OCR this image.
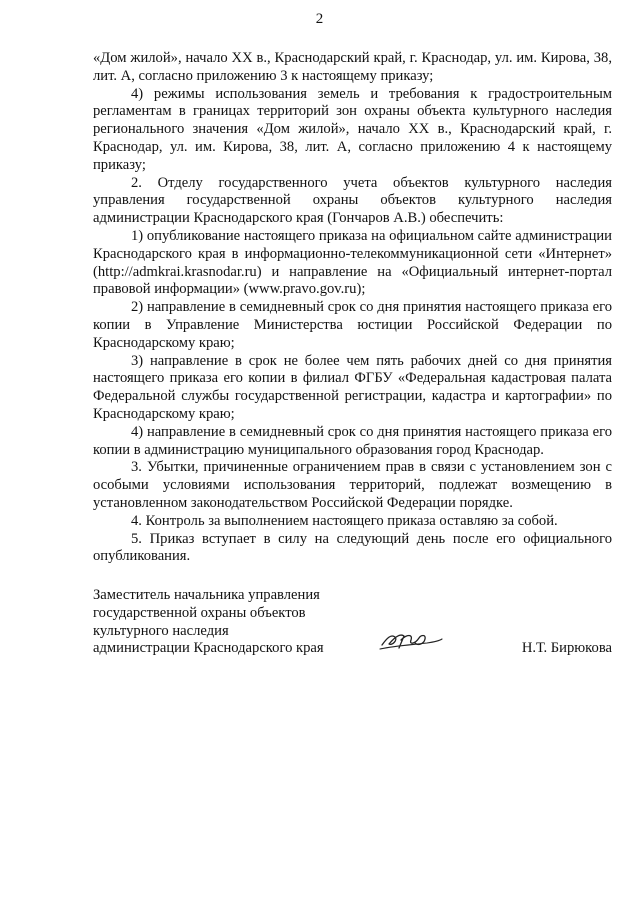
2

«Дом жилой», начало XX в., Краснодарский край, г. Краснодар, ул. им. Кирова, 38, лит. А, согласно приложению 3 к настоящему приказу;

4) режимы использования земель и требования к градостроительным регламентам в границах территорий зон охраны объекта культурного наследия регионального значения «Дом жилой», начало XX в., Краснодарский край, г. Краснодар, ул. им. Кирова, 38, лит. А, согласно приложению 4 к настоящему приказу;

2. Отделу государственного учета объектов культурного наследия управления государственной охраны объектов культурного наследия администрации Краснодарского края (Гончаров А.В.) обеспечить:

1) опубликование настоящего приказа на официальном сайте администрации Краснодарского края в информационно-телекоммуникационной сети «Интернет» (http://admkrai.krasnodar.ru) и направление на «Официальный интернет-портал правовой информации» (www.pravo.gov.ru);

2) направление в семидневный срок со дня принятия настоящего приказа его копии в Управление Министерства юстиции Российской Федерации по Краснодарскому краю;

3) направление в срок не более чем пять рабочих дней со дня принятия настоящего приказа его копии в филиал ФГБУ «Федеральная кадастровая палата Федеральной службы государственной регистрации, кадастра и картографии» по Краснодарскому краю;

4) направление в семидневный срок со дня принятия настоящего приказа его копии в администрацию муниципального образования город Краснодар.

3. Убытки, причиненные ограничением прав в связи с установлением зон с особыми условиями использования территорий, подлежат возмещению в установленном законодательством Российской Федерации порядке.

4. Контроль за выполнением настоящего приказа оставляю за собой.

5. Приказ вступает в силу на следующий день после его официального опубликования.

Заместитель начальника управления
государственной охраны объектов
культурного наследия
администрации Краснодарского края	Н.Т. Бирюкова
